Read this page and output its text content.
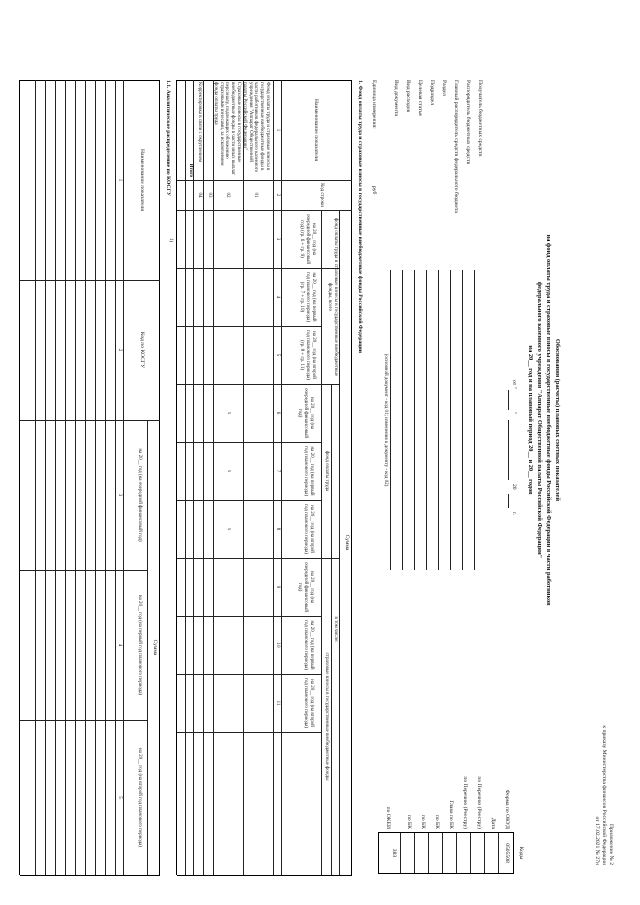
Приложение № 2
к приказу Министерства финансов Российской Федерации
от 17.02.2021 № 27н
Обоснования (расчеты) плановых сметных показателей
на фонд оплаты труда и страховые взносы в государственные внебюджетные фонды Российской Федерации в части работников
федерального казенного учреждения "Аппарат Общественной палаты Российской Федерации"
на 20__ год и на плановый период 20__ и 20__ годов
от "
"
20
г.
Коды
0505508
383
Форма по ОКУД
Дата
по Перечню (Реестру)
по Перечню (Реестру)
Глава по БК
по БК
по БК
по БК
по ОКЕИ
Получатель бюджетных средств
Распорядитель бюджетных средств
Главный распорядитель средств федерального бюджета
Раздел
Подраздел
Целевая статья
Вид расходов
Вид документа
(основной документ - код 01; изменения к документу - код 02)
Единица измерения:
руб
1. Фонд оплаты труда и страховые взносы в государственные внебюджетные фонды Российской Федерации
Наименование показателя
Код строки
Сумма
фонд оплаты труда и страховые взносы в государственные внебюджетные фонды, всего
в том числе:
фонд оплаты труда
страховые взносы в государственные внебюджетные фонды
на 20__ год (на очередной финансовый год) (гр. 6 + гр. 9)
на 20__ год (на первый год планового периода) (гр. 7 + гр. 10)
на 20__ год (на второй год планового периода) (гр. 8 + гр. 11)
на 20__ год (на очередной финансовый год)
на 20__ год (на первый год планового периода)
на 20__ год (на второй год планового периода)
на 20__ год (на очередной финансовый год)
на 20__ год (на первый год планового периода)
на 20__ год (на второй год планового периода)
1
2
3
4
5
6
7
8
9
10
11
Фонд оплаты труда и страховые взносы в государственные внебюджетные фонды в части работников федерального казенного учреждения "Аппарат Общественной палаты Российской Федерации"
01
Страховые взносы в государственные внебюджетные фонды в части иных выплат персоналу, подлежащих обложению страховыми взносами, за исключением фонда оплаты труда
02
x
x
x
03
Корректировка в связи с округлением
04
Итого
1.1. Аналитическое распределение по КОСГУ
1)
Наименование показателя
Код по КОСГУ
Сумма
на 20__ год (на очередной финансовый год)
на 20__ год (на первый год планового периода)
на 20__ год (на второй год планового периода)
1
2
3
4
5
